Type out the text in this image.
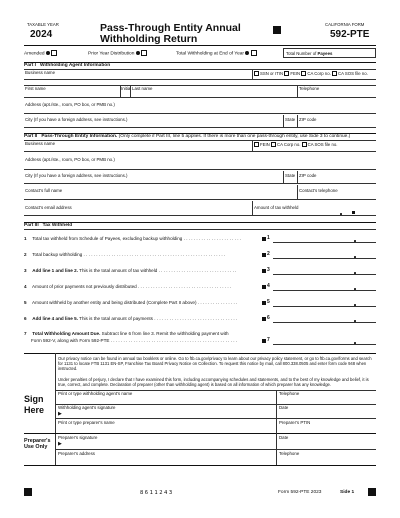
TAXABLE YEAR
2024
Pass-Through Entity Annual
Withholding Return
CALIFORNIA FORM
592-PTE
Amended	Prior Year Distribution	Total Withholding at End of Year	Total Number of Payees
Part I Withholding Agent Information
Business name	SSN or ITIN FEIN CA Corp no. CA SOS file no.
First name	Initial Last name	Telephone
Address (apt./ste., room, PO box, or PMB no.)
City (If you have a foreign address, see instructions.)	State ZIP code
Part II Pass-Through Entity Information. (Only complete if Part III, line 5 applies. If there is more than one pass-through entity, use Side 3 to continue.)
Business name	FEIN CA Corp no. CA SOS file no.
Address (apt./ste., room, PO box, or PMB no.)
City (If you have a foreign address, see instructions.)	State ZIP code
Contact's full name	Contact's telephone
Contact's email address	Amount of tax withheld
Part III Tax Withheld
1 Total tax withheld from Schedule of Payees, excluding backup withholding . . . . . . . . . . . . . . . . . . . . . . .	1
2 Total backup withholding . . . . . . . . . . . . . . . . . . . . . . . . . . . . . . . . . . . . . . . . . . . . . . . . . . . . . . . .	2
3 Add line 1 and line 2. This is the total amount of tax withheld . . . . . . . . . . . . . . . . . . . . . . . . . . . . . . .	3
4 Amount of prior payments not previously distributed . . . . . . . . . . . . . . . . . . . . . . . . . . . . . . . . . . . . .	4
5 Amount withheld by another entity and being distributed (Complete Part II above) . . . . . . . . . . . . . . . .	5
6 Add line 4 and line 5. This is the total amount of payments . . . . . . . . . . . . . . . . . . . . . . . . . . . . . . . . .	6
7 Total Withholding Amount Due. Subtract line 6 from line 3. Remit the withholding payment with
Form 592-V, along with Form 592-PTE . . . . . . . . . . . . . . . . . . . . . . . . . . . . . . . . . . . . . . . . . . . . . . . . . .	7
Our privacy notice can be found in annual tax booklets or online. Go to ftb.ca.gov/privacy to learn about our privacy policy statement, or go to ftb.ca.gov/forms and search for 1131 to locate FTB 1131 EN-SP, Franchise Tax Board Privacy Notice on Collection. To request this notice by mail, call 800.338.0505 and enter form code 948 when instructed.
Under penalties of perjury, I declare that I have examined this form, including accompanying schedules and statements, and to the best of my knowledge and belief, it is true, correct, and complete. Declaration of preparer (other than withholding agent) is based on all information of which preparer has any knowledge.
Sign
Here
Print or type withholding agent's name	Telephone
Withholding agent's signature
▶
Date
Print or type preparer's name	Preparer's PTIN
Preparer's
Use Only
Preparer's signature
▶
Date
Preparer's address	Telephone
8611243	Form 592-PTE 2023	Side 1
